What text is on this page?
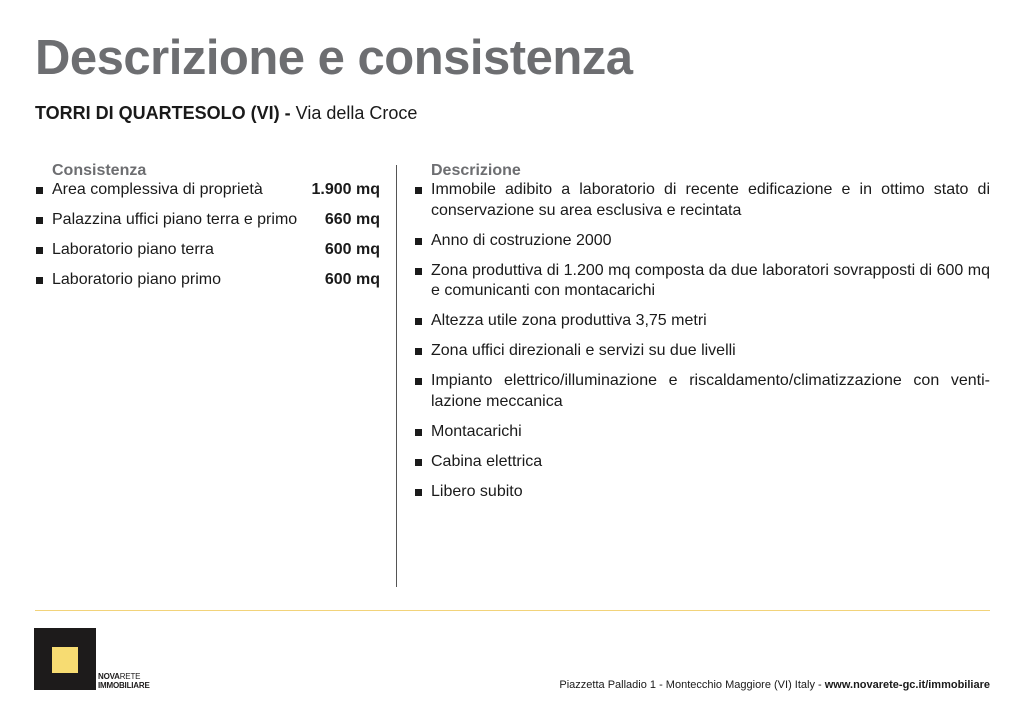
Descrizione e consistenza
TORRI DI QUARTESOLO (VI) - Via della Croce
Consistenza
Area complessiva di proprietà	1.900 mq
Palazzina uffici piano terra e primo	660 mq
Laboratorio piano terra	600 mq
Laboratorio piano primo	600 mq
Descrizione
Immobile adibito a laboratorio di recente edificazione e in ottimo stato di conservazione su area esclusiva e recintata
Anno di costruzione 2000
Zona produttiva di 1.200 mq composta da due laboratori sovrapposti di 600 mq e comunicanti con montacarichi
Altezza utile zona produttiva 3,75 metri
Zona uffici direzionali e servizi su due livelli
Impianto elettrico/illuminazione e riscaldamento/climatizzazione con venti-lazione meccanica
Montacarichi
Cabina elettrica
Libero subito
NOVARETE
IMMOBILIARE	Piazzetta Palladio 1 - Montecchio Maggiore (VI) Italy - www.novarete-gc.it/immobiliare
